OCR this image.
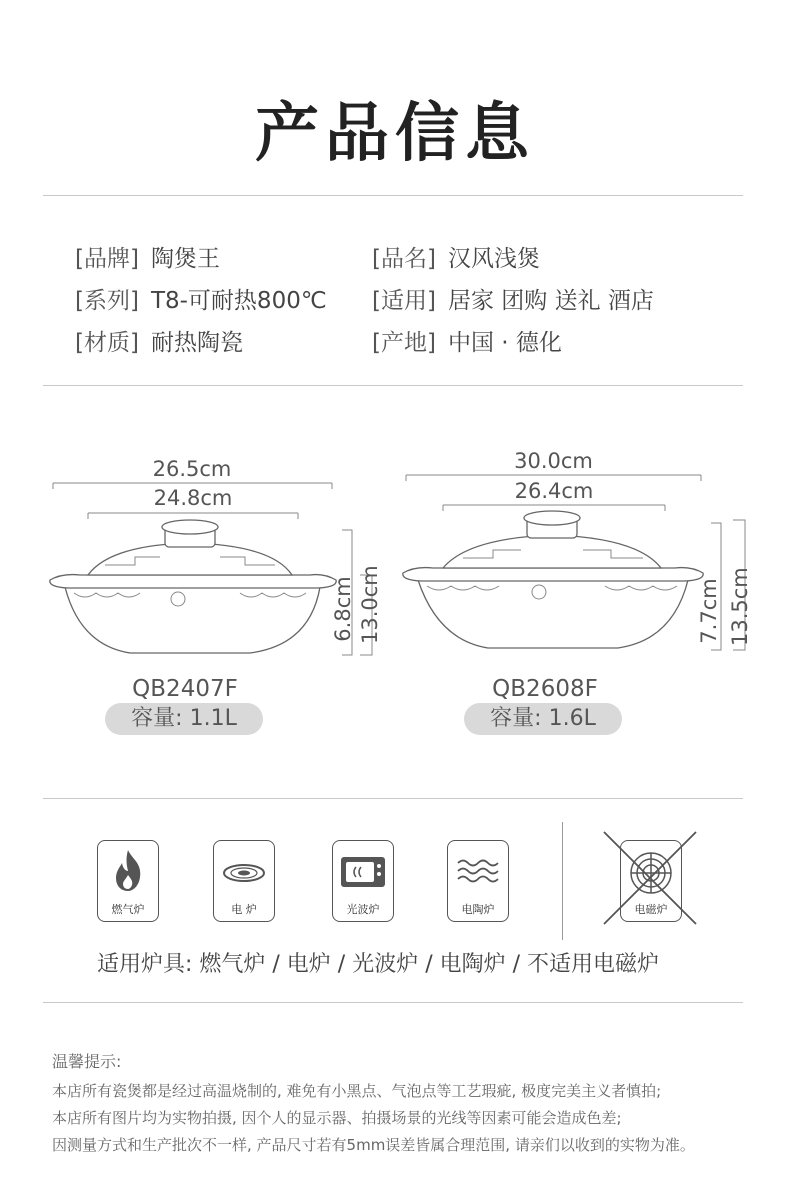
产品信息
[品牌] 陶煲王	[品名] 汉风浅煲
[系列] T8-可耐热800℃ [适用] 居家 团购 送礼 酒店
[材质] 耐热陶瓷	[产地] 中国 · 德化
26.5cm
24.8cm
6.8cm 13.0cm
QB2407F
容量: 1.1L
30.0cm
26.4cm
7.7cm 13.5cm
QB2608F
容量: 1.6L
燃气炉	电 炉	光波炉	电陶炉	电磁炉
适用炉具: 燃气炉 / 电炉 / 光波炉 / 电陶炉 / 不适用电磁炉
温馨提示:
本店所有瓷煲都是经过高温烧制的, 难免有小黑点、气泡点等工艺瑕疵, 极度完美主义者慎拍;
本店所有图片均为实物拍摄, 因个人的显示器、拍摄场景的光线等因素可能会造成色差;
因测量方式和生产批次不一样, 产品尺寸若有5mm误差皆属合理范围, 请亲们以收到的实物为准。
